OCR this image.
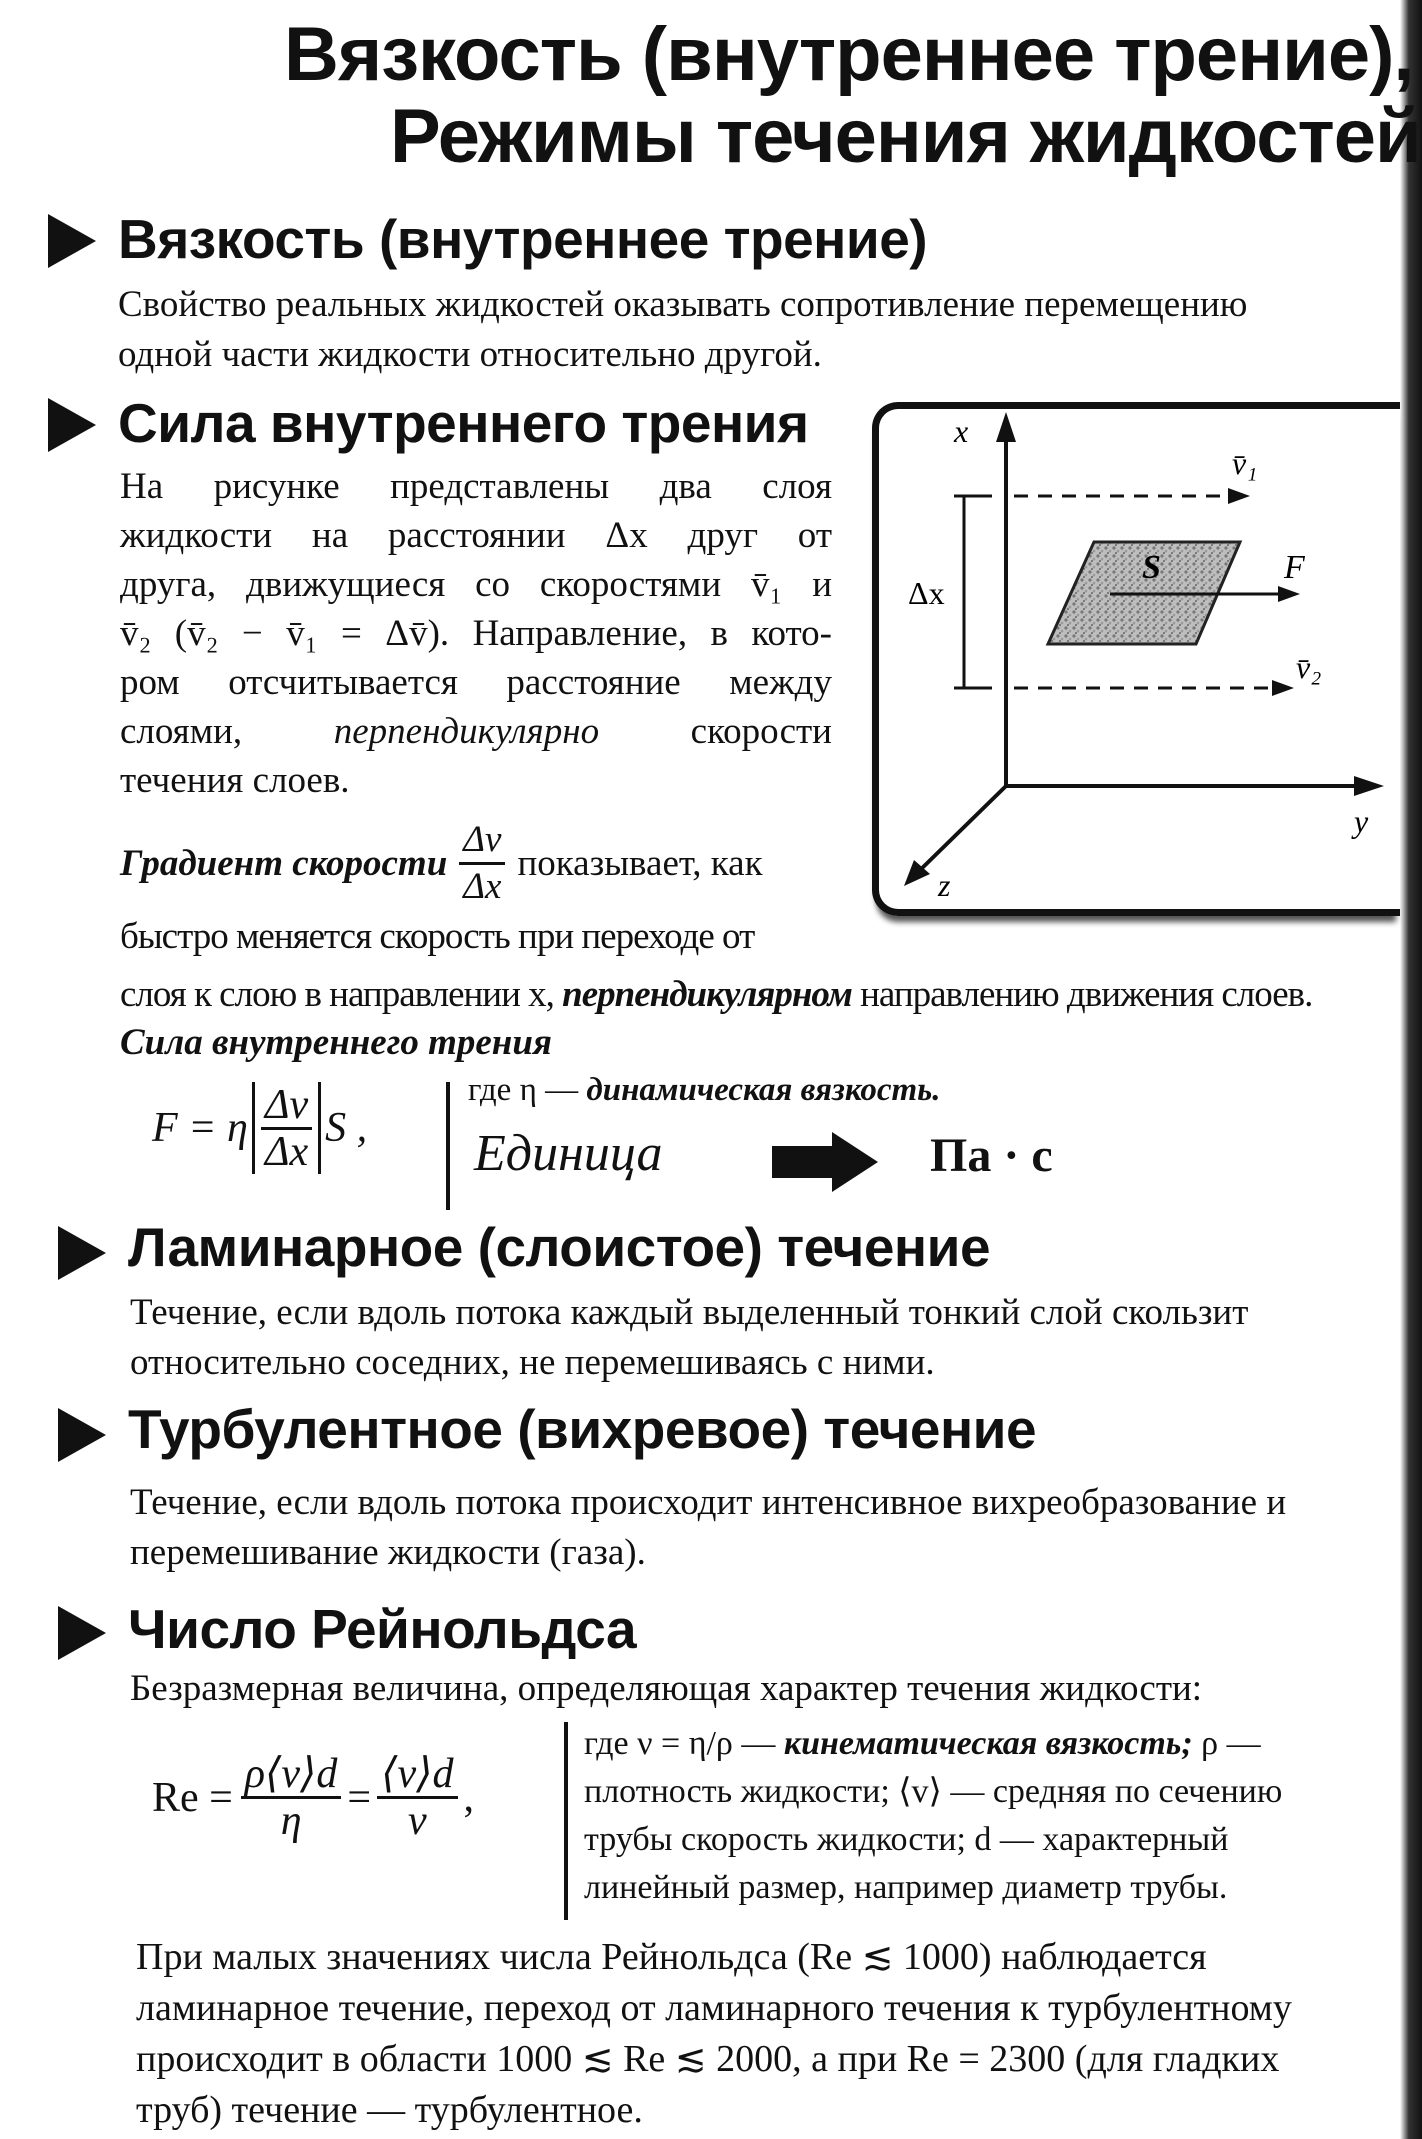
Вязкость (внутреннее трение),
Режимы течения жидкостей
Вязкость (внутреннее трение)
Свойство реальных жидкостей оказывать сопротивление перемещению
одной части жидкости относительно другой.
Сила внутреннего трения
На рисунке представлены два слоя
жидкости на расстоянии Δx друг от
друга, движущиеся со скоростями v̄₁ и
v̄₂ (v̄₂ − v̄₁ = Δv̄). Направление, в кото-
ром отсчитывается расстояние между
слоями, перпендикулярно скорости
течения слоев.
Градиент скорости $\frac{\Delta v}{\Delta x}$ показывает, как
быстро меняется скорость при переходе от
слоя к слою в направлении x, перпендикулярном направлению движения слоев.
Сила внутреннего трения
F = η $\frac{\Delta v}{\Delta x}$ S ,
где η — динамическая вязкость.
Единица	Па · с
x
y
z
Δx
v̄₁
v̄₂
F⃗
S
Ламинарное (слоистое) течение
Течение, если вдоль потока каждый выделенный тонкий слой скользит
относительно соседних, не перемешиваясь с ними.
Турбулентное (вихревое) течение
Течение, если вдоль потока происходит интенсивное вихреобразование и
перемешивание жидкости (газа).
Число Рейнольдса
Безразмерная величина, определяющая характер течения жидкости:
$Re = \frac{\rho⟨v⟩d}{\eta} = \frac{⟨v⟩d}{\nu}$ ,
где ν = η/ρ — кинематическая вязкость; ρ —
плотность жидкости; ⟨v⟩ — средняя по сечению
трубы скорость жидкости; d — характерный
линейный размер, например диаметр трубы.
При малых значениях числа Рейнольдса (Re ≲ 1000) наблюдается
ламинарное течение, переход от ламинарного течения к турбулентному
происходит в области 1000 ≲ Re ≲ 2000, а при Re = 2300 (для гладких
труб) течение — турбулентное.
